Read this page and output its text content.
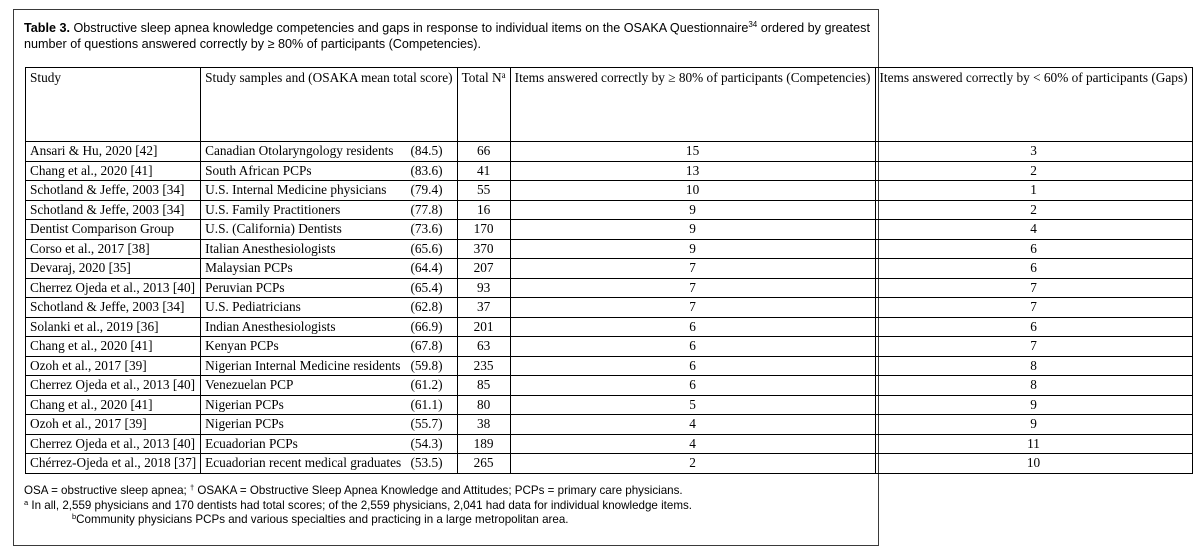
Table 3. Obstructive sleep apnea knowledge competencies and gaps in response to individual items on the OSAKA Questionnaire$^{34}$ ordered by greatest number of questions answered correctly by ≥ 80% of participants (Competencies).
Study	Study samples and (OSAKA mean total score)	Total $N^a$	Items answered correctly by ≥ 80% of participants (Competencies)	Items answered correctly by < 60% of participants (Gaps)
Ansari & Hu, 2020 [42]	Canadian Otolaryngology residents (84.5)	66	15	3
Chang et al., 2020 [41]	South African PCPs (83.6)	41	13	2
Schotland & Jeffe, 2003 [34]	U.S. Internal Medicine physicians (79.4)	55	10	1
Schotland & Jeffe, 2003 [34]	U.S. Family Practitioners (77.8)	16	9	2
Dentist Comparison Group	U.S. (California) Dentists (73.6)	170	9	4
Corso et al., 2017 [38]	Italian Anesthesiologists (65.6)	370	9	6
Devaraj, 2020 [35]	Malaysian PCPs (64.4)	207	7	6
Cherrez Ojeda et al., 2013 [40]	Peruvian PCPs (65.4)	93	7	7
Schotland & Jeffe, 2003 [34]	U.S. Pediatricians (62.8)	37	7	7
Solanki et al., 2019 [36]	Indian Anesthesiologists (66.9)	201	6	6
Chang et al., 2020 [41]	Kenyan PCPs (67.8)	63	6	7
Ozoh et al., 2017 [39]	Nigerian Internal Medicine residents (59.8)	235	6	8
Cherrez Ojeda et al., 2013 [40]	Venezuelan PCP (61.2)	85	6	8
Chang et al., 2020 [41]	Nigerian PCPs (61.1)	80	5	9
Ozoh et al., 2017 [39]	Nigerian PCPs (55.7)	38	4	9
Cherrez Ojeda et al., 2013 [40]	Ecuadorian PCPs (54.3)	189	4	11
Chérrez-Ojeda et al., 2018 [37]	Ecuadorian recent medical graduates (53.5)	265	2	10
OSA = obstructive sleep apnea; † OSAKA = Obstructive Sleep Apnea Knowledge and Attitudes; PCPs = primary care physicians.
$^a$ In all, 2,559 physicians and 170 dentists had total scores; of the 2,559 physicians, 2,041 had data for individual knowledge items.
$^b$Community physicians PCPs and various specialties and practicing in a large metropolitan area.
